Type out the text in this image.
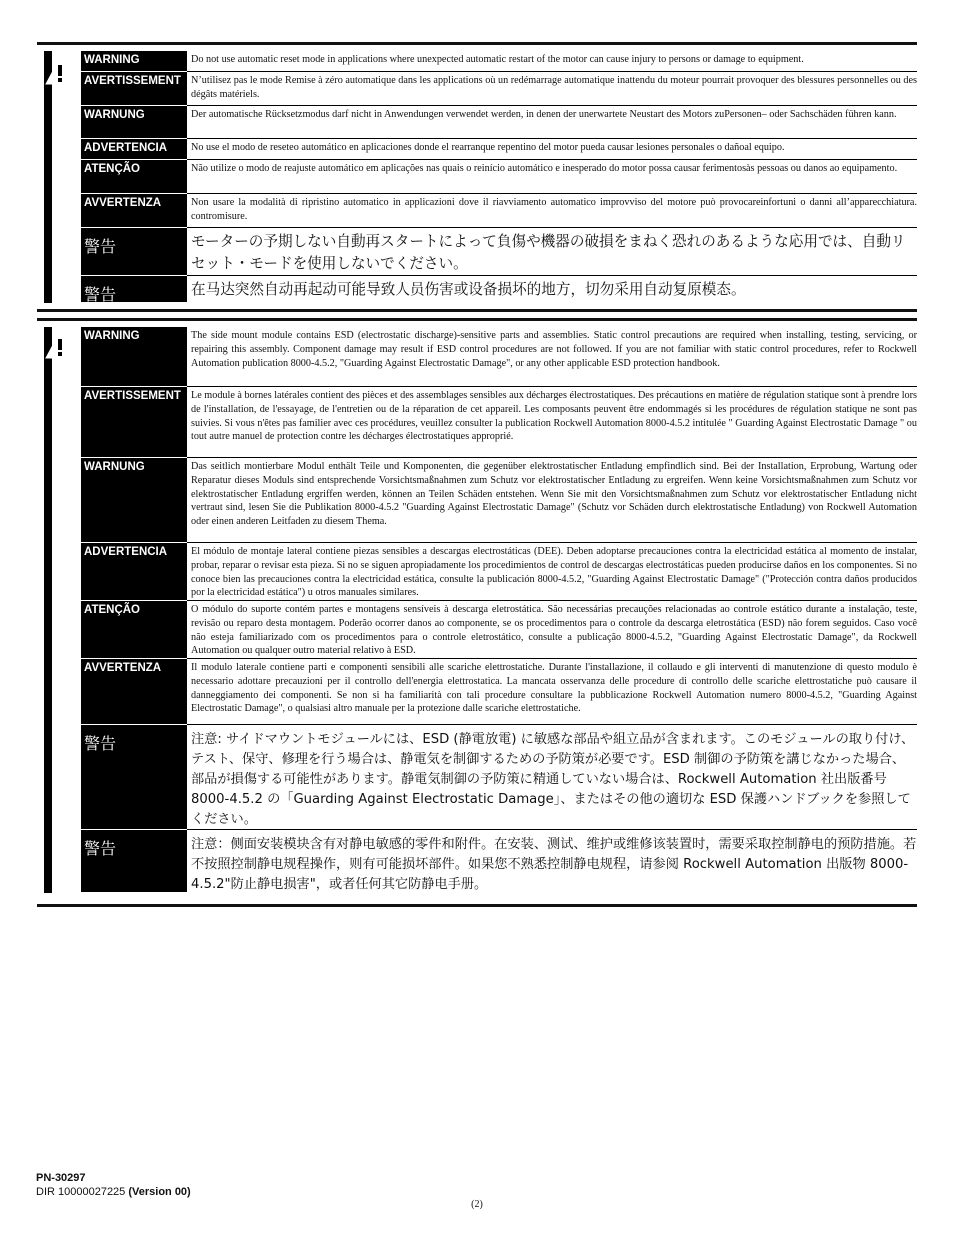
WARNING	Do not use automatic reset mode in applications where unexpected automatic restart of the motor can cause injury to persons or damage to equipment.
AVERTISSEMENT N’utilisez pas le mode Remise à zéro automatique dans les applications où un redémarrage automatique inattendu du moteur pourrait provoquer des blessures personnelles ou des dégâts matériels.
WARNUNG	Der automatische Rücksetzmodus darf nicht in Anwendungen verwendet werden, in denen der unerwartete Neustart des Motors zuPersonen– oder Sachschäden führen kann.
ADVERTENCIA	No use el modo de reseteo automático en aplicaciones donde el rearranque repentino del motor pueda causar lesiones personales o dañoal equipo.
ATENÇÃO	Não utilize o modo de reajuste automático em aplicações nas quais o reinício automático e inesperado do motor possa causar ferimentosàs pessoas ou danos ao equipamento.
AVVERTENZA	Non usare la modalità di ripristino automatico in applicazioni dove il riavviamento automatico improvviso del motore può provocareinfortuni o danni all’apparecchiatura. contromisure.
警告	モーターの予期しない自動再スタートによって負傷や機器の破損をまねく恐れのあるような応用では、自動リセット・モードを使用しないでください。
警告	在马达突然自动再起动可能导致人员伤害或设备损坏的地方，切勿采用自动复原模态。
WARNING	The side mount module contains ESD (electrostatic discharge)-sensitive parts and assemblies. Static control precautions are required when installing, testing, servicing, or repairing this assembly. Component damage may result if ESD control procedures are not followed. If you are not familiar with static control procedures, refer to Rockwell Automation publication 8000-4.5.2, "Guarding Against Electrostatic Damage", or any other applicable ESD protection handbook.
AVERTISSEMENT Le module à bornes latérales contient des pièces et des assemblages sensibles aux décharges électrostatiques. Des précautions en matière de régulation statique sont à prendre lors de l'installation, de l'essayage, de l'entretien ou de la réparation de cet appareil. Les composants peuvent être endommagés si les procédures de régulation statique ne sont pas suivies. Si vous n'êtes pas familier avec ces procédures, veuillez consulter la publication Rockwell Automation 8000-4.5.2 intitulée " Guarding Against Electrostatic Damage " ou tout autre manuel de protection contre les décharges électrostatiques approprié.
WARNUNG	Das seitlich montierbare Modul enthält Teile und Komponenten, die gegenüber elektrostatischer Entladung empfindlich sind. Bei der Installation, Erprobung, Wartung oder Reparatur dieses Moduls sind entsprechende Vorsichtsmaßnahmen zum Schutz vor elektrostatischer Entladung zu ergreifen. Wenn keine Vorsichtsmaßnahmen zum Schutz vor elektrostatischer Entladung ergriffen werden, können an Teilen Schäden entstehen. Wenn Sie mit den Vorsichtsmaßnahmen zum Schutz vor elektrostatischer Entladung nicht vertraut sind, lesen Sie die Publikation 8000-4.5.2 "Guarding Against Electrostatic Damage" (Schutz vor Schäden durch elektrostatische Entladung) von Rockwell Automation oder einen anderen Leitfaden zu diesem Thema.
ADVERTENCIA	El módulo de montaje lateral contiene piezas sensibles a descargas electrostáticas (DEE). Deben adoptarse precauciones contra la electricidad estática al momento de instalar, probar, reparar o revisar esta pieza. Si no se siguen apropiadamente los procedimientos de control de descargas electrostáticas pueden producirse daños en los componentes. Si no conoce bien las precauciones contra la electricidad estática, consulte la publicación 8000-4.5.2, "Guarding Against Electrostatic Damage" ("Protección contra daños producidos por la electricidad estática") u otros manuales similares.
ATENÇÃO	O módulo do suporte contém partes e montagens sensíveis à descarga eletrostática. São necessárias precauções relacionadas ao controle estático durante a instalação, teste, revisão ou reparo desta montagem. Poderão ocorrer danos ao componente, se os procedimentos para o controle da descarga eletrostática (ESD) não forem seguidos. Caso você não esteja familiarizado com os procedimentos para o controle eletrostático, consulte a publicação 8000-4.5.2, "Guarding Against Electrostatic Damage", da Rockwell Automation ou qualquer outro material relativo à ESD.
AVVERTENZA	Il modulo laterale contiene parti e componenti sensibili alle scariche elettrostatiche. Durante l'installazione, il collaudo e gli interventi di manutenzione di questo modulo è necessario adottare precauzioni per il controllo dell'energia elettrostatica. La mancata osservanza delle procedure di controllo delle scariche elettrostatiche può causare il danneggiamento dei componenti. Se non si ha familiarità con tali procedure consultare la pubblicazione Rockwell Automation numero 8000-4.5.2, "Guarding Against Electrostatic Damage", o qualsiasi altro manuale per la protezione dalle scariche elettrostatiche.
警告	注意: サイドマウントモジュールには、ESD (静電放電) に敏感な部品や組立品が含まれます。このモジュールの取り付け、テスト、保守、修理を行う場合は、静電気を制御するための予防策が必要です。ESD 制御の予防策を講じなかった場合、部品が損傷する可能性があります。静電気制御の予防策に精通していない場合は、Rockwell Automation 社出版番号 8000-4.5.2 の「Guarding Against Electrostatic Damage」、またはその他の適切な ESD 保護ハンドブックを参照してください。
警告	注意：侧面安装模块含有对静电敏感的零件和附件。在安装、测试、维护或维修该装置时，需要采取控制静电的预防措施。若不按照控制静电规程操作，则有可能损坏部件。如果您不熟悉控制静电规程，请参阅 Rockwell Automation 出版物 8000-4.5.2"防止静电损害"，或者任何其它防静电手册。
PN-30297
DIR 10000027225 (Version 00)
(2)
